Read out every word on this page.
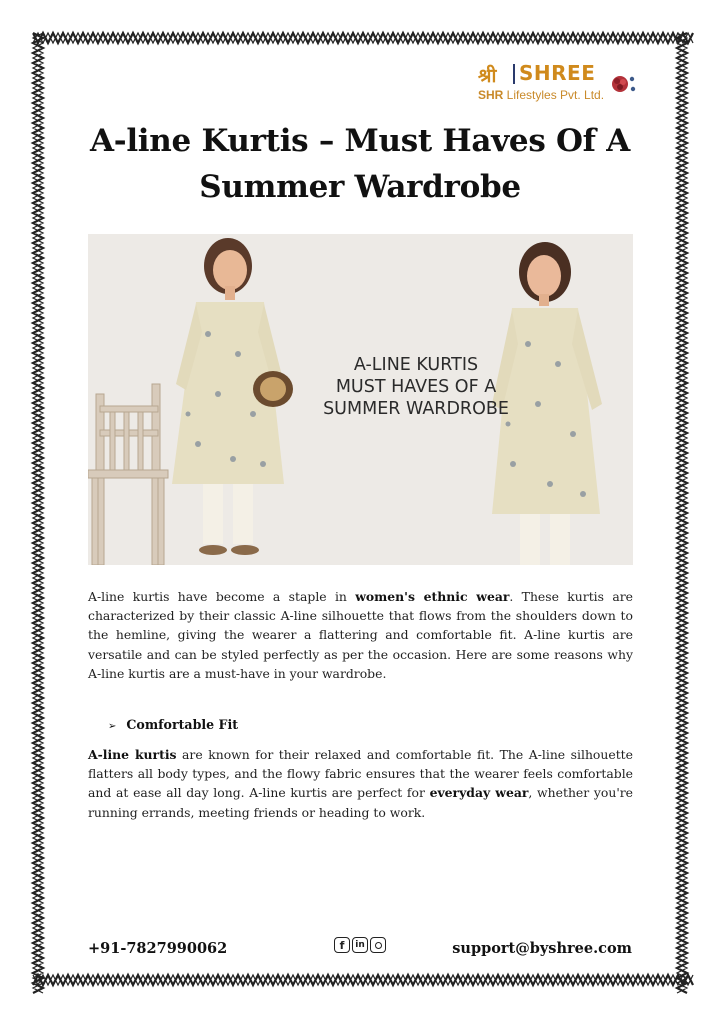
श्री SHREE
SHR Lifestyles Pvt. Ltd.
A-line Kurtis – Must Haves Of A Summer Wardrobe
A-LINE KURTIS
MUST HAVES OF A
SUMMER WARDROBE

A-line kurtis have become a staple in women's ethnic wear. These kurtis are characterized by their classic A-line silhouette that flows from the shoulders down to the hemline, giving the wearer a flattering and comfortable fit. A-line kurtis are versatile and can be styled perfectly as per the occasion. Here are some reasons why A-line kurtis are a must-have in your wardrobe.

➢ Comfortable Fit

A-line kurtis are known for their relaxed and comfortable fit. The A-line silhouette flatters all body types, and the flowy fabric ensures that the wearer feels comfortable and at ease all day long. A-line kurtis are perfect for everyday wear, whether you're running errands, meeting friends or heading to work.

+91-7827990062	f in	support@byshree.com
